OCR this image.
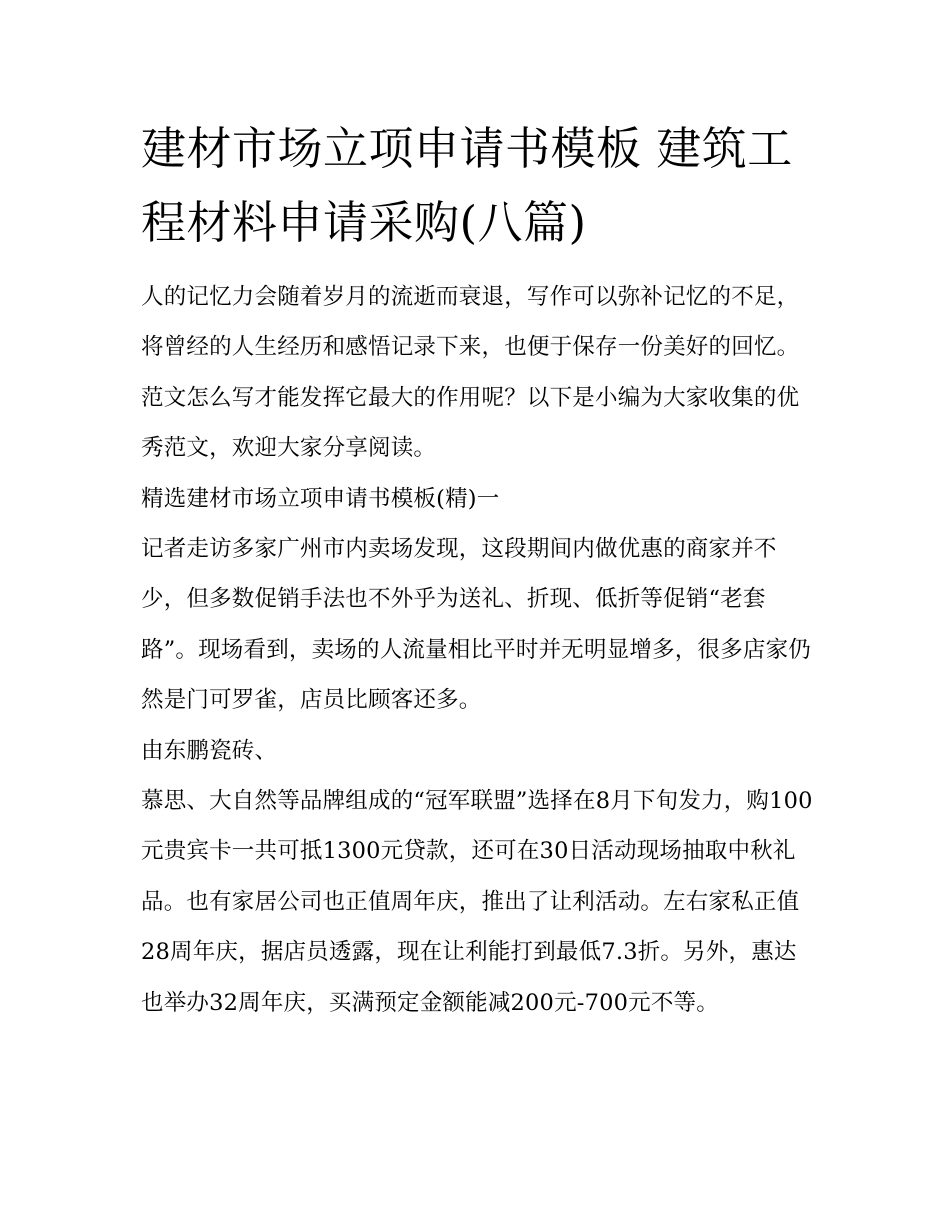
建材市场立项申请书模板 建筑工程材料申请采购(八篇)

人的记忆力会随着岁月的流逝而衰退，写作可以弥补记忆的不足，将曾经的人生经历和感悟记录下来，也便于保存一份美好的回忆。范文怎么写才能发挥它最大的作用呢？以下是小编为大家收集的优秀范文，欢迎大家分享阅读。

精选建材市场立项申请书模板(精)一

记者走访多家广州市内卖场发现，这段期间内做优惠的商家并不少，但多数促销手法也不外乎为送礼、折现、低折等促销“老套路”。现场看到，卖场的人流量相比平时并无明显增多，很多店家仍然是门可罗雀，店员比顾客还多。

由东鹏瓷砖、

慕思、大自然等品牌组成的“冠军联盟”选择在8月下旬发力，购100元贵宾卡一共可抵1300元贷款，还可在30日活动现场抽取中秋礼品。也有家居公司也正值周年庆，推出了让利活动。左右家私正值28周年庆，据店员透露，现在让利能打到最低7.3折。另外，惠达也举办32周年庆，买满预定金额能减200元-700元不等。
